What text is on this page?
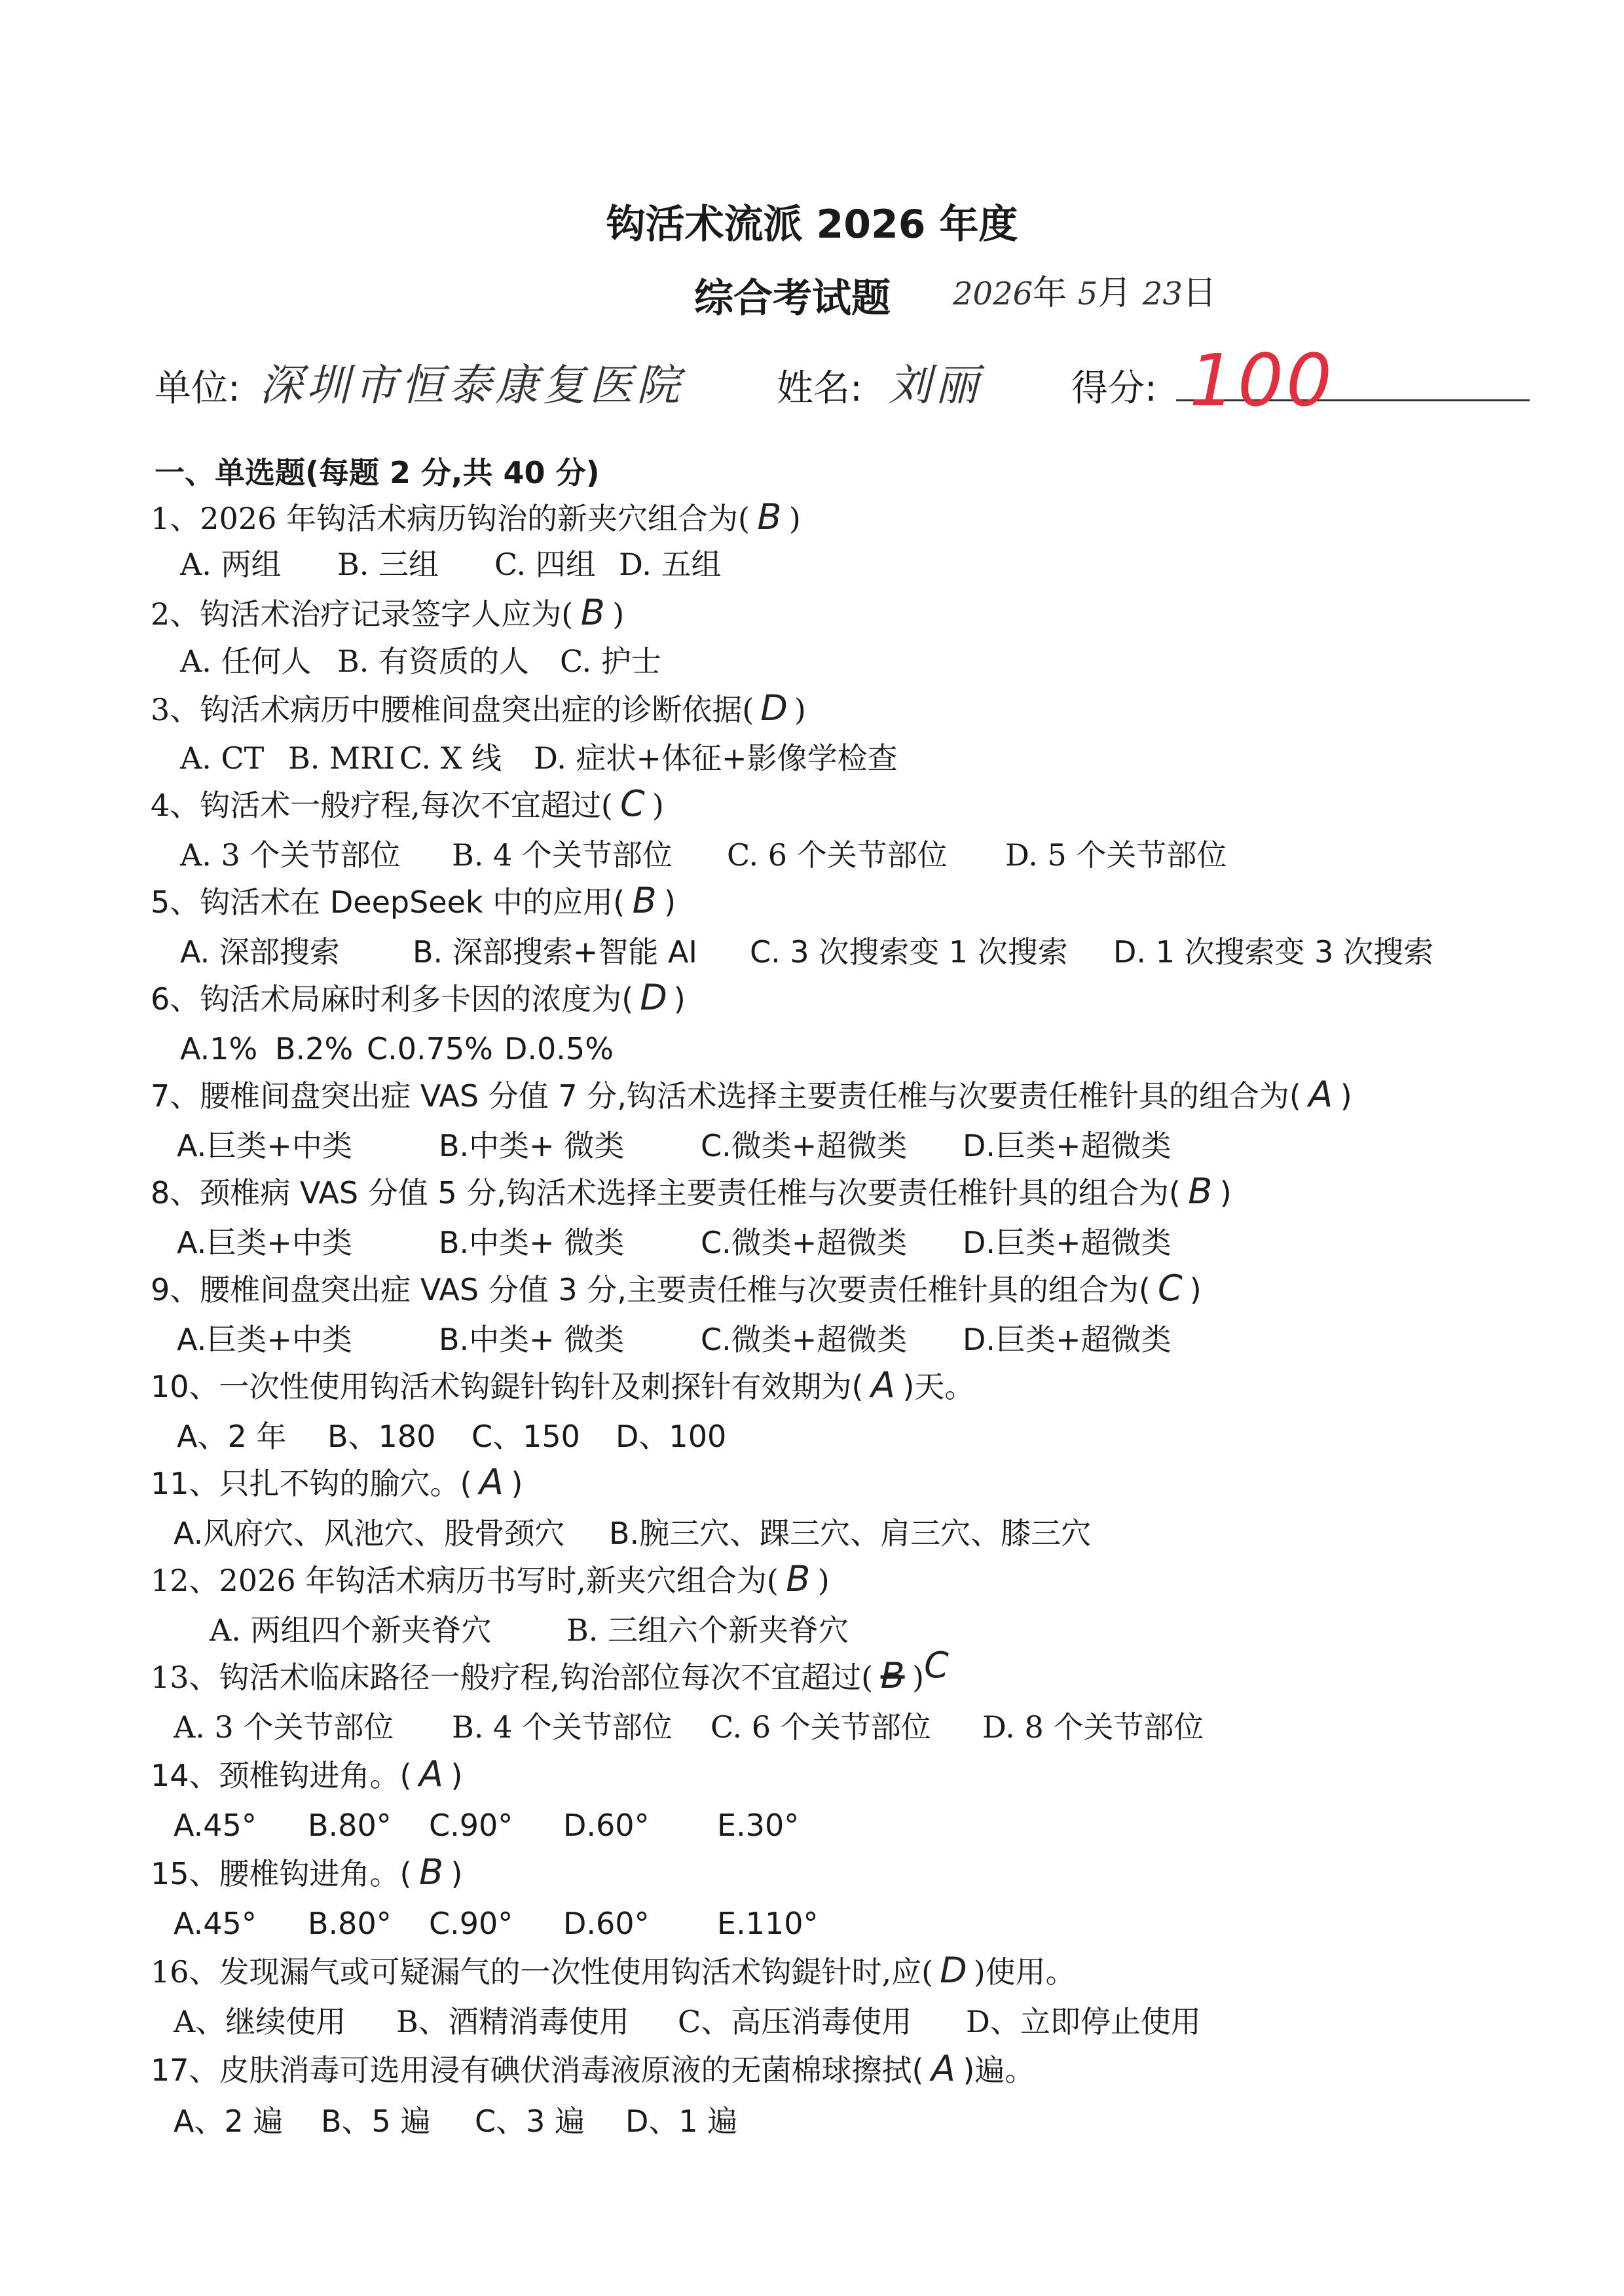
钩活术流派 2026 年度
综合考试题	2026年 5月 23日
单位: 深圳市恒泰康复医院	姓名: 刘丽 得分: 100
一、单选题(每题 2 分,共 40 分)
1、2026 年钩活术病历钩治的新夹穴组合为( B )
A. 两组 B. 三组 C. 四组 D. 五组
2、钩活术治疗记录签字人应为( B )
A. 任何人 B. 有资质的人 C. 护士
3、钩活术病历中腰椎间盘突出症的诊断依据( D )
A. CT B. MRI C. X 线 D. 症状+体征+影像学检查
4、钩活术一般疗程,每次不宜超过( C )
A. 3 个关节部位 B. 4 个关节部位 C. 6 个关节部位 D. 5 个关节部位
5、钩活术在 DeepSeek 中的应用( B )
A. 深部搜索 B. 深部搜索+智能 AI C. 3 次搜索变 1 次搜索 D. 1 次搜索变 3 次搜索
6、钩活术局麻时利多卡因的浓度为( D )
A.1% B.2% C.0.75% D.0.5%
7、腰椎间盘突出症 VAS 分值 7 分,钩活术选择主要责任椎与次要责任椎针具的组合为( A )
A.巨类+中类	B.中类+ 微类	C.微类+超微类 D.巨类+超微类
8、颈椎病 VAS 分值 5 分,钩活术选择主要责任椎与次要责任椎针具的组合为( B )
A.巨类+中类	B.中类+ 微类	C.微类+超微类 D.巨类+超微类
9、腰椎间盘突出症 VAS 分值 3 分,主要责任椎与次要责任椎针具的组合为( C )
A.巨类+中类	B.中类+ 微类	C.微类+超微类 D.巨类+超微类
10、一次性使用钩活术钩鍉针钩针及刺探针有效期为( A )天。
A、2 年 B、180 C、150 D、100
11、只扎不钩的腧穴。( A )
A.风府穴、风池穴、股骨颈穴 B.腕三穴、踝三穴、肩三穴、膝三穴
12、2026 年钩活术病历书写时,新夹穴组合为( B )
A. 两组四个新夹脊穴 B. 三组六个新夹脊穴
13、钩活术临床路径一般疗程,钩治部位每次不宜超过( B )C
A. 3 个关节部位 B. 4 个关节部位 C. 6 个关节部位 D. 8 个关节部位
14、颈椎钩进角。( A )
A.45° B.80° C.90° D.60° E.30°
15、腰椎钩进角。( B )
A.45° B.80° C.90° D.60° E.110°
16、发现漏气或可疑漏气的一次性使用钩活术钩鍉针时,应( D )使用。
A、继续使用 B、酒精消毒使用 C、高压消毒使用 D、立即停止使用
17、皮肤消毒可选用浸有碘伏消毒液原液的无菌棉球擦拭( A )遍。
A、2 遍 B、5 遍 C、3 遍 D、1 遍
